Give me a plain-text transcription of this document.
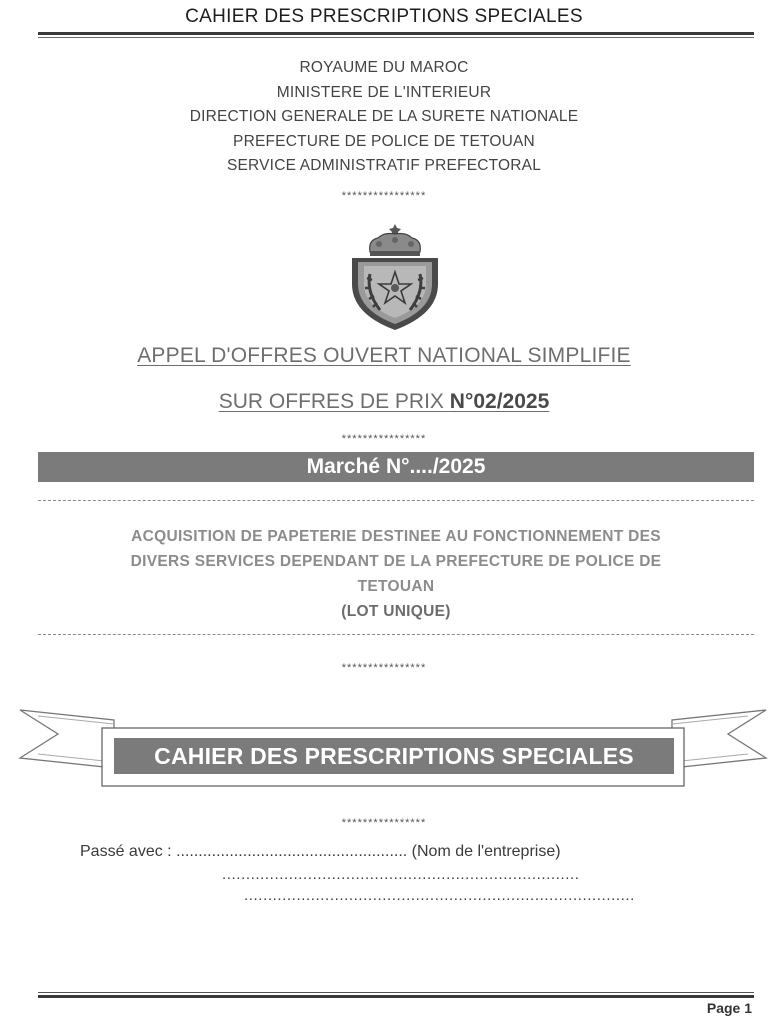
CAHIER DES PRESCRIPTIONS SPECIALES
ROYAUME DU MAROC
MINISTERE DE L'INTERIEUR
DIRECTION GENERALE DE LA SURETE NATIONALE
PREFECTURE DE POLICE DE TETOUAN
SERVICE ADMINISTRATIF PREFECTORAL
****************
APPEL D'OFFRES OUVERT NATIONAL SIMPLIFIE
SUR OFFRES DE PRIX N°02/2025
****************
Marché N°..../2025
ACQUISITION DE PAPETERIE DESTINEE AU FONCTIONNEMENT DES
DIVERS SERVICES DEPENDANT DE LA PREFECTURE DE POLICE DE
TETOUAN
(LOT UNIQUE)
****************
CAHIER DES PRESCRIPTIONS SPECIALES
****************
Passé avec : .................................................... (Nom de l'entreprise)
...........................................................................
..................................................................................
Page 1
